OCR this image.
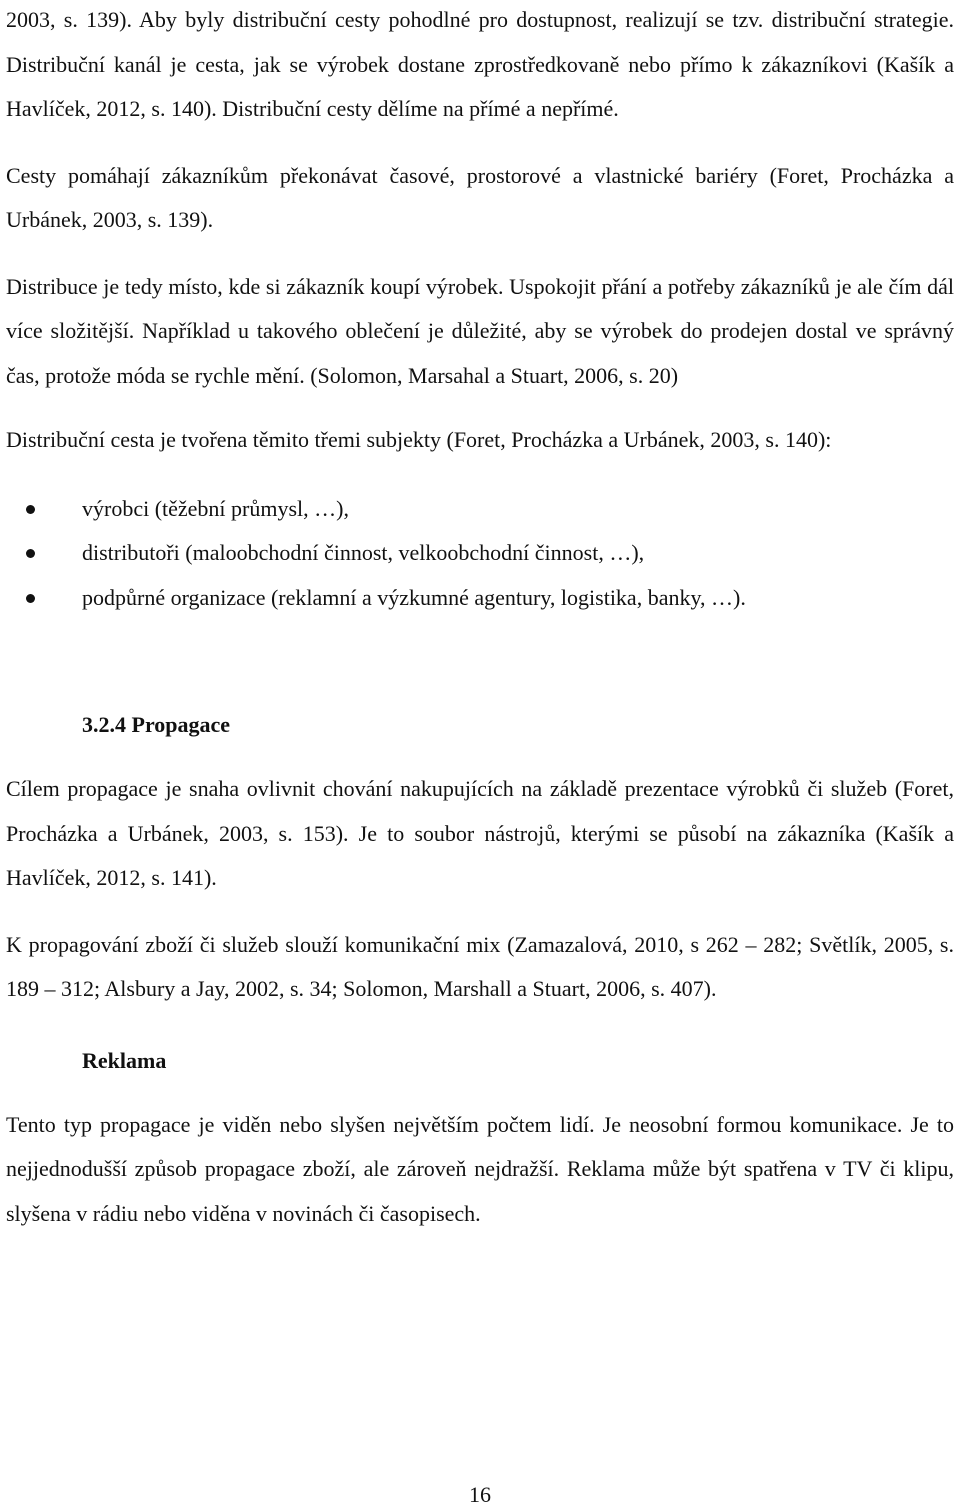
2003, s. 139). Aby byly distribuční cesty pohodlné pro dostupnost, realizují se tzv. distribuční strategie. Distribuční kanál je cesta, jak se výrobek dostane zprostředkovaně nebo přímo k zákazníkovi (Kašík a Havlíček, 2012, s. 140). Distribuční cesty dělíme na přímé a nepřímé.

Cesty pomáhají zákazníkům překonávat časové, prostorové a vlastnické bariéry (Foret, Procházka a Urbánek, 2003, s. 139).

Distribuce je tedy místo, kde si zákazník koupí výrobek. Uspokojit přání a potřeby zákazníků je ale čím dál více složitější. Například u takového oblečení je důležité, aby se výrobek do prodejen dostal ve správný čas, protože móda se rychle mění. (Solomon, Marsahal a Stuart, 2006, s. 20)

Distribuční cesta je tvořena těmito třemi subjekty (Foret, Procházka a Urbánek, 2003, s. 140):

výrobci (těžební průmysl, …),
distributoři (maloobchodní činnost, velkoobchodní činnost, …),
podpůrné organizace (reklamní a výzkumné agentury, logistika, banky, …).
3.2.4 Propagace

Cílem propagace je snaha ovlivnit chování nakupujících na základě prezentace výrobků či služeb (Foret, Procházka a Urbánek, 2003, s. 153). Je to soubor nástrojů, kterými se působí na zákazníka (Kašík a Havlíček, 2012, s. 141).

K propagování zboží či služeb slouží komunikační mix (Zamazalová, 2010, s 262 – 282; Světlík, 2005, s. 189 – 312; Alsbury a Jay, 2002, s. 34; Solomon, Marshall a Stuart, 2006, s. 407).

Reklama

Tento typ propagace je viděn nebo slyšen největším počtem lidí. Je neosobní formou komunikace. Je to nejjednodušší způsob propagace zboží, ale zároveň nejdražší. Reklama může být spatřena v TV či klipu, slyšena v rádiu nebo viděna v novinách či časopisech.

16
